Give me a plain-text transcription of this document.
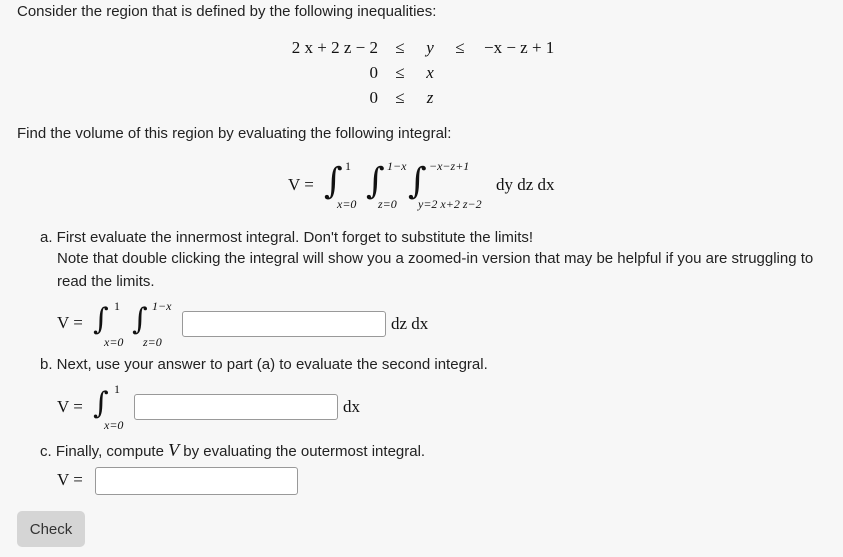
Consider the region that is defined by the following inequalities:
2 x + 2 z − 2	≤	y	≤	−x − z + 1
0	≤	x
0	≤	z
Find the volume of this region by evaluating the following integral:
V = ∫ 1
x=0
∫ 1−x
z=0
∫ −x−z+1
y=2 x+2 z−2
dy dz dx
a. First evaluate the innermost integral. Don't forget to substitute the limits!
Note that double clicking the integral will show you a zoomed-in version that may be helpful if you are struggling to
read the limits.
V = ∫ 1
x=0
∫ 1−x
z=0
dz dx
b. Next, use your answer to part (a) to evaluate the second integral.
V = ∫ 1
x=0
dx
c. Finally, compute V by evaluating the outermost integral.
V =
Check
